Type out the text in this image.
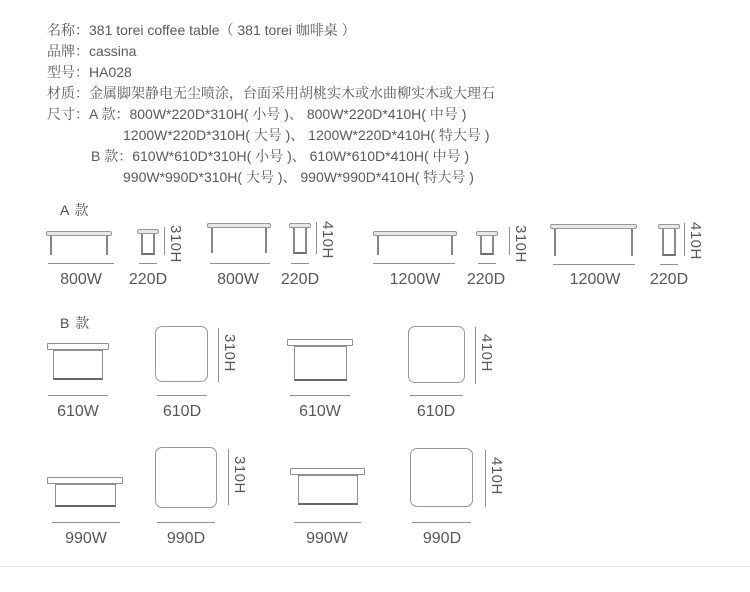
名称：381 torei coffee table（ 381 torei 咖啡桌 ）
品牌：cassina
型号：HA028
材质：金属脚架静电无尘喷涂，台面采用胡桃实木或水曲柳实木或大理石
尺寸：A 款：800W*220D*310H( 小号 )、 800W*220D*410H( 中号 )
1200W*220D*310H( 大号 )、 1200W*220D*410H( 特大号 )
B 款：610W*610D*310H( 小号 )、 610W*610D*410H( 中号 )
990W*990D*310H( 大号 )、 990W*990D*410H( 特大号 )
A 款
800W	220D
310H
800W	220D
410H
1200W	220D
310H
1200W	220D
410H
B 款
610W	610D
310H
610W	610D
410H
990W	990D
310H
990W	990D
410H
